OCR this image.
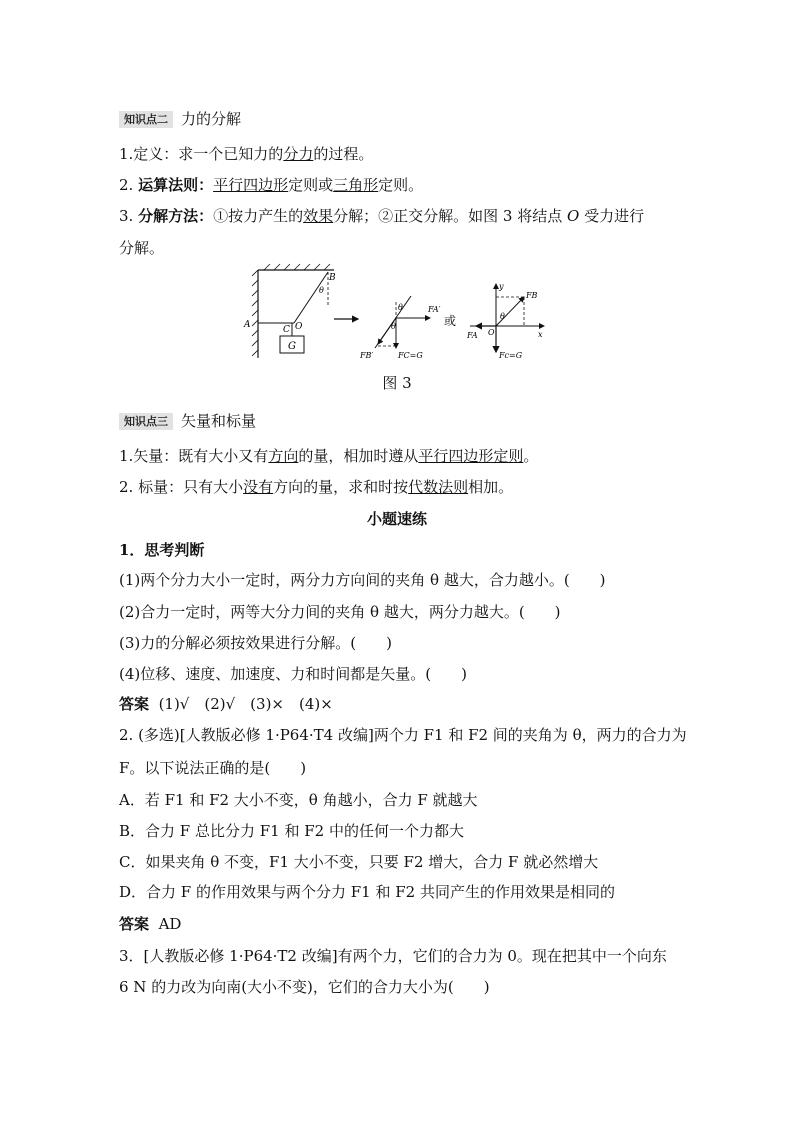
知识点二 力的分解
1.定义：求一个已知力的分力的过程。
2. 运算法则：平行四边形定则或三角形定则。
3. 分解方法：①按力产生的效果分解；②正交分解。如图 3 将结点 O 受力进行
分解。
G
A
B
θ
C O
θ
θ
FA′
FB′	FC=G
或
y
x
FB
θ
O
FA
Fc=G
图 3
知识点三 矢量和标量
1.矢量：既有大小又有方向的量，相加时遵从平行四边形定则。
2. 标量：只有大小没有方向的量，求和时按代数法则相加。
小题速练
1．思考判断
(1)两个分力大小一定时，两分力方向间的夹角 θ 越大，合力越小。(　　)
(2)合力一定时，两等大分力间的夹角 θ 越大，两分力越大。(　　)
(3)力的分解必须按效果进行分解。(　　)
(4)位移、速度、加速度、力和时间都是矢量。(　　)
答案 (1)√　(2)√　(3)×　(4)×
2. (多选)[人教版必修 1·P64·T4 改编]两个力 F1 和 F2 间的夹角为 θ，两力的合力为
F。以下说法正确的是(　　)
A．若 F1 和 F2 大小不变，θ 角越小，合力 F 就越大
B．合力 F 总比分力 F1 和 F2 中的任何一个力都大
C．如果夹角 θ 不变，F1 大小不变，只要 F2 增大，合力 F 就必然增大
D．合力 F 的作用效果与两个分力 F1 和 F2 共同产生的作用效果是相同的
答案 AD
3．[人教版必修 1·P64·T2 改编]有两个力，它们的合力为 0。现在把其中一个向东
6 N 的力改为向南(大小不变)，它们的合力大小为(　　)
